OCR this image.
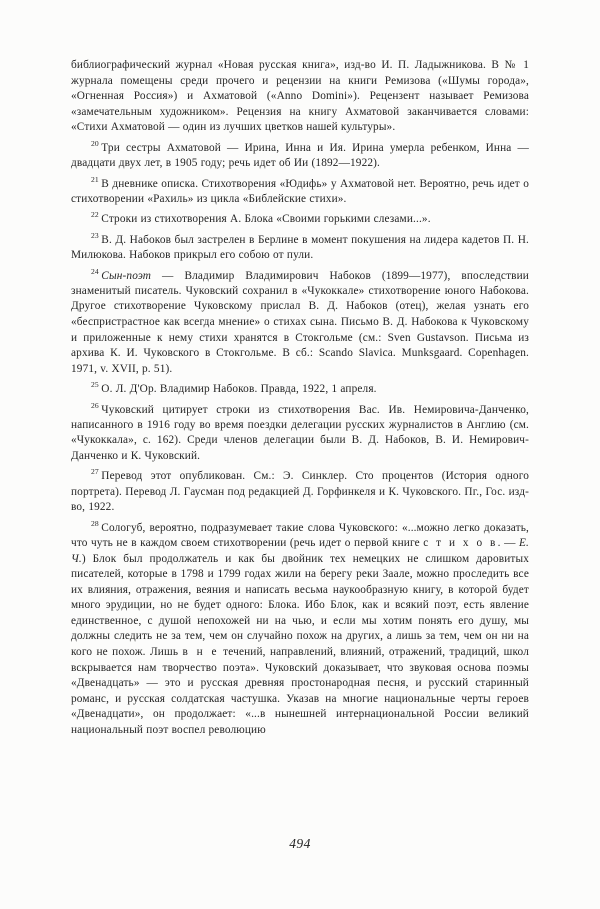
библиографический журнал «Новая русская книга», изд-во И. П. Ладыжникова. В № 1 журнала помещены среди прочего и рецензии на книги Ремизова («Шумы города», «Огненная Россия») и Ахматовой («Anno Domini»). Рецензент называет Ремизова «замечательным художником». Рецензия на книгу Ахматовой заканчивается словами: «Стихи Ахматовой — один из лучших цветков нашей культуры».

$^{20}$ Три сестры Ахматовой — Ирина, Инна и Ия. Ирина умерла ребенком, Инна — двадцати двух лет, в 1905 году; речь идет об Ии (1892—1922).

$^{21}$ В дневнике описка. Стихотворения «Юдифь» у Ахматовой нет. Вероятно, речь идет о стихотворении «Рахиль» из цикла «Библейские стихи».

$^{22}$ Строки из стихотворения А. Блока «Своими горькими слезами...».

$^{23}$ В. Д. Набоков был застрелен в Берлине в момент покушения на лидера кадетов П. Н. Милюкова. Набоков прикрыл его собою от пули.

$^{24}$ Сын-поэт — Владимир Владимирович Набоков (1899—1977), впоследствии знаменитый писатель. Чуковский сохранил в «Чукоккале» стихотворение юного Набокова. Другое стихотворение Чуковскому прислал В. Д. Набоков (отец), желая узнать его «беспристрастное как всегда мнение» о стихах сына. Письмо В. Д. Набокова к Чуковскому и приложенные к нему стихи хранятся в Стокгольме (см.: Sven Gustavson. Письма из архива К. И. Чуковского в Стокгольме. В сб.: Scando Slavica. Munksgaard. Copenhagen. 1971, v. XVII, p. 51).

$^{25}$ О. Л. Д'Ор. Владимир Набоков. Правда, 1922, 1 апреля.

$^{26}$ Чуковский цитирует строки из стихотворения Вас. Ив. Немировича-Данченко, написанного в 1916 году во время поездки делегации русских журналистов в Англию (см. «Чукоккала», с. 162). Среди членов делегации были В. Д. Набоков, В. И. Немирович-Данченко и К. Чуковский.

$^{27}$ Перевод этот опубликован. См.: Э. Синклер. Сто процентов (История одного портрета). Перевод Л. Гаусман под редакцией Д. Горфинкеля и К. Чуковского. Пг., Гос. изд-во, 1922.

$^{28}$ Сологуб, вероятно, подразумевает такие слова Чуковского: «...можно легко доказать, что чуть не в каждом своем стихотворении (речь идет о первой книге с т и х о в. — Е. Ч.) Блок был продолжатель и как бы двойник тех немецких не слишком даровитых писателей, которые в 1798 и 1799 годах жили на берегу реки Заале, можно проследить все их влияния, отражения, веяния и написать весьма наукообразную книгу, в которой будет много эрудиции, но не будет одного: Блока. Ибо Блок, как и всякий поэт, есть явление единственное, с душой непохожей ни на чью, и если мы хотим понять его душу, мы должны следить не за тем, чем он случайно похож на других, а лишь за тем, чем он ни на кого не похож. Лишь в н е течений, направлений, влияний, отражений, традиций, школ вскрывается нам творчество поэта». Чуковский доказывает, что звуковая основа поэмы «Двенадцать» — это и русская древняя простонародная песня, и русский старинный романс, и русская солдатская частушка. Указав на многие национальные черты героев «Двенадцати», он продолжает: «...в нынешней интернациональной России великий национальный поэт воспел революцию

494
